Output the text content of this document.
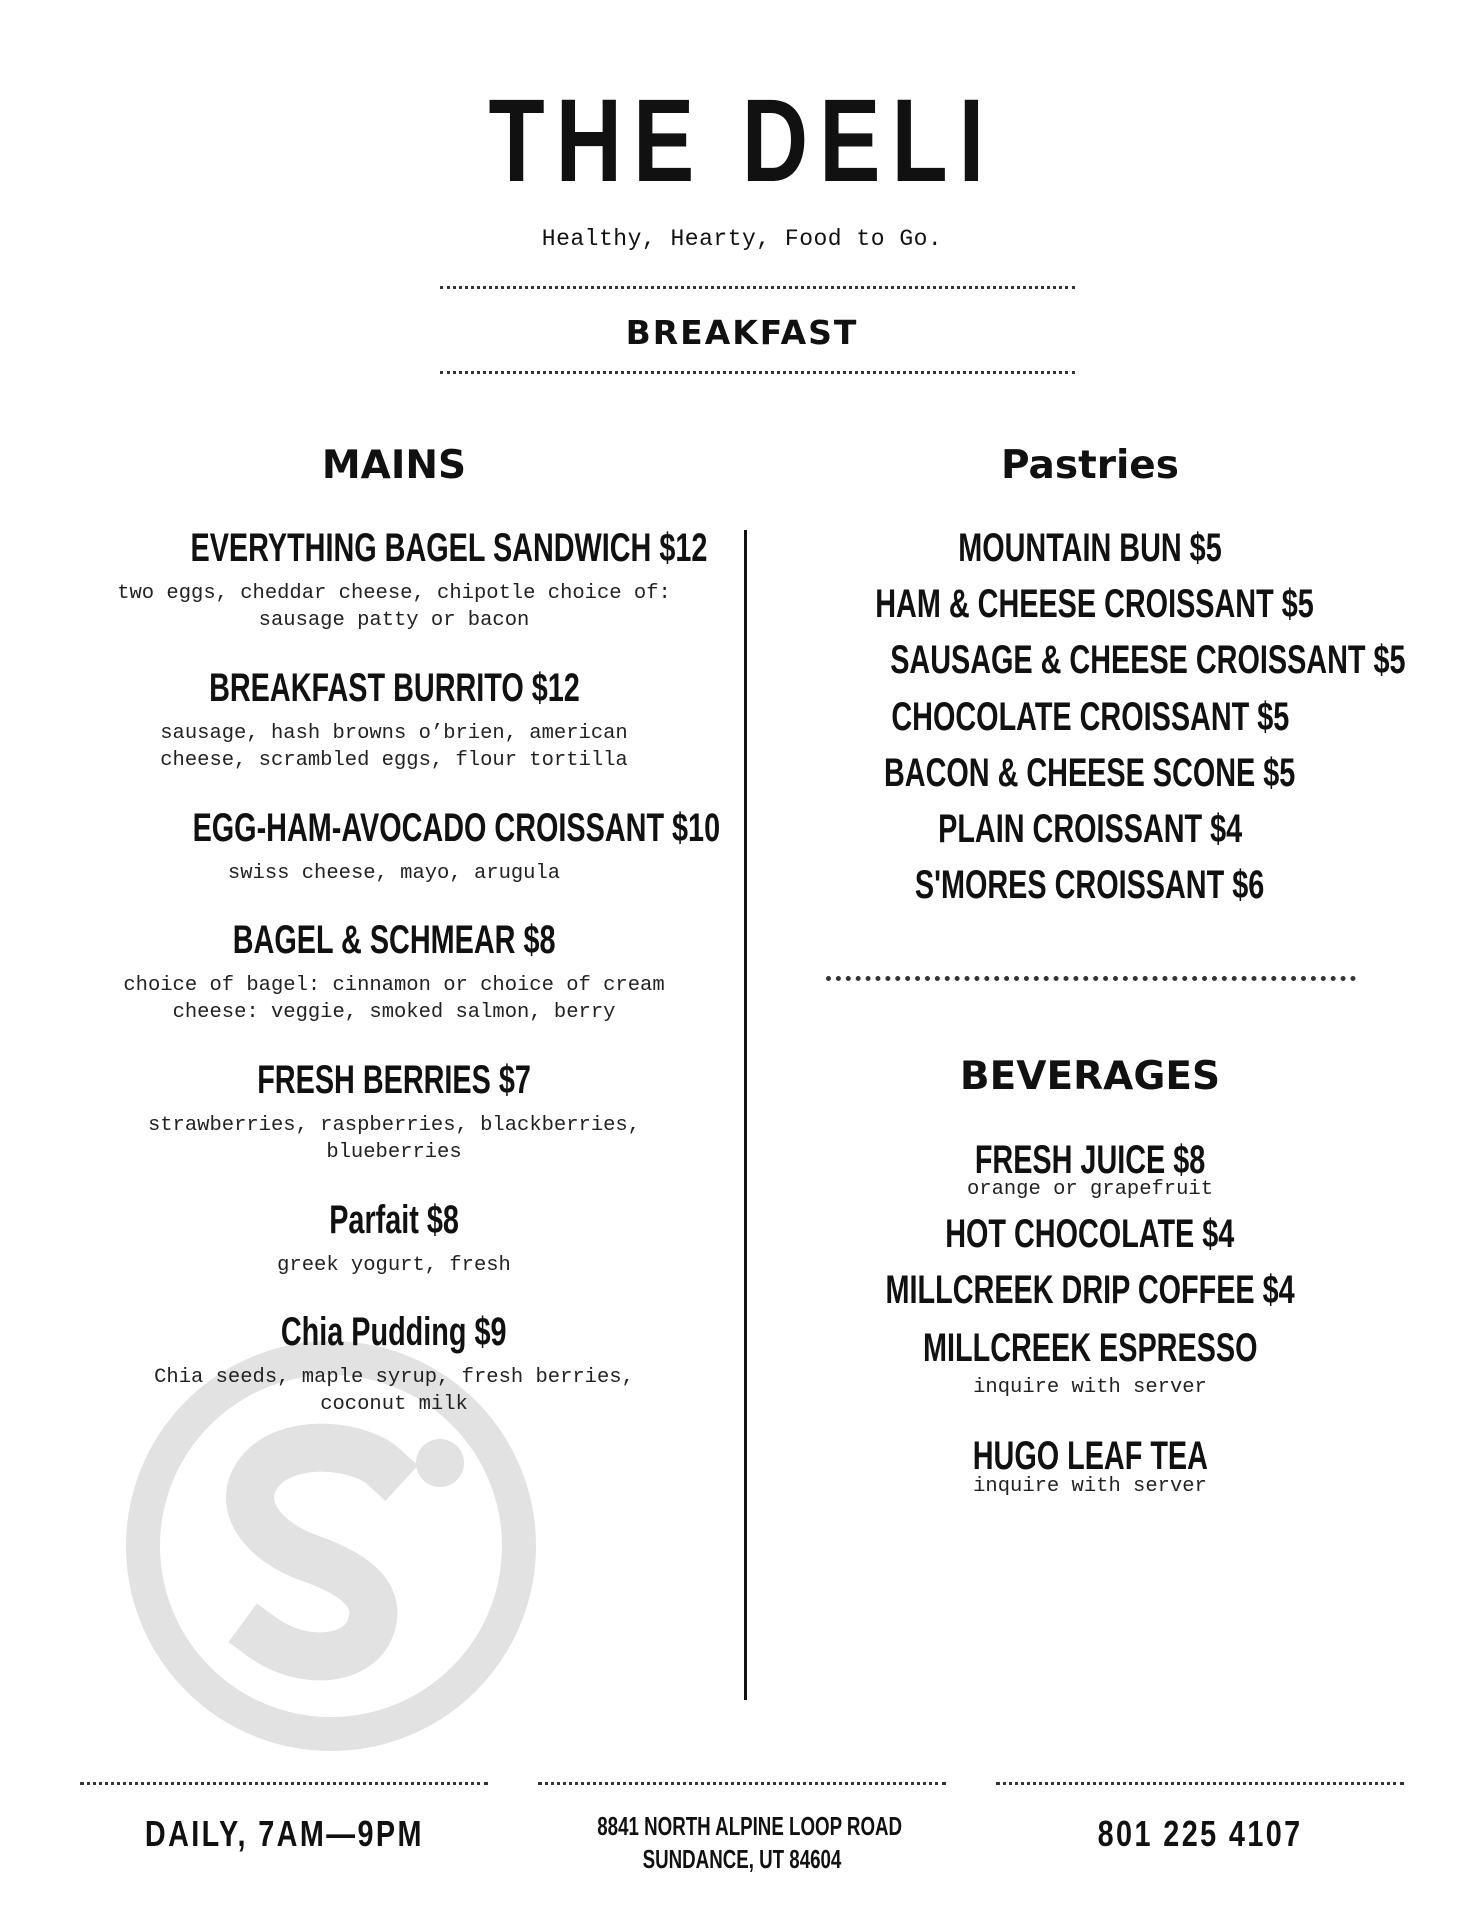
THE DELI
Healthy, Hearty, Food to Go.
BREAKFAST
MAINS
EVERYTHING BAGEL SANDWICH $12
two eggs, cheddar cheese, chipotle choice of:
sausage patty or bacon
BREAKFAST BURRITO $12
sausage, hash browns o’brien, american
cheese, scrambled eggs, flour tortilla
EGG-HAM-AVOCADO CROISSANT $10
swiss cheese, mayo, arugula
BAGEL & SCHMEAR $8
choice of bagel: cinnamon or choice of cream
cheese: veggie, smoked salmon, berry
FRESH BERRIES $7
strawberries, raspberries, blackberries,
blueberries
Parfait $8
greek yogurt, fresh
Chia Pudding $9
Chia seeds, maple syrup, fresh berries,
coconut milk
Pastries
MOUNTAIN BUN $5
HAM & CHEESE CROISSANT $5
SAUSAGE & CHEESE CROISSANT $5
CHOCOLATE CROISSANT $5
BACON & CHEESE SCONE $5
PLAIN CROISSANT $4
S'MORES CROISSANT $6
BEVERAGES
FRESH JUICE $8
orange or grapefruit
HOT CHOCOLATE $4
MILLCREEK DRIP COFFEE $4
MILLCREEK ESPRESSO
inquire with server
HUGO LEAF TEA
inquire with server
DAILY, 7AM—9PM	8841 NORTH ALPINE LOOP ROAD
SUNDANCE, UT 84604
801 225 4107
